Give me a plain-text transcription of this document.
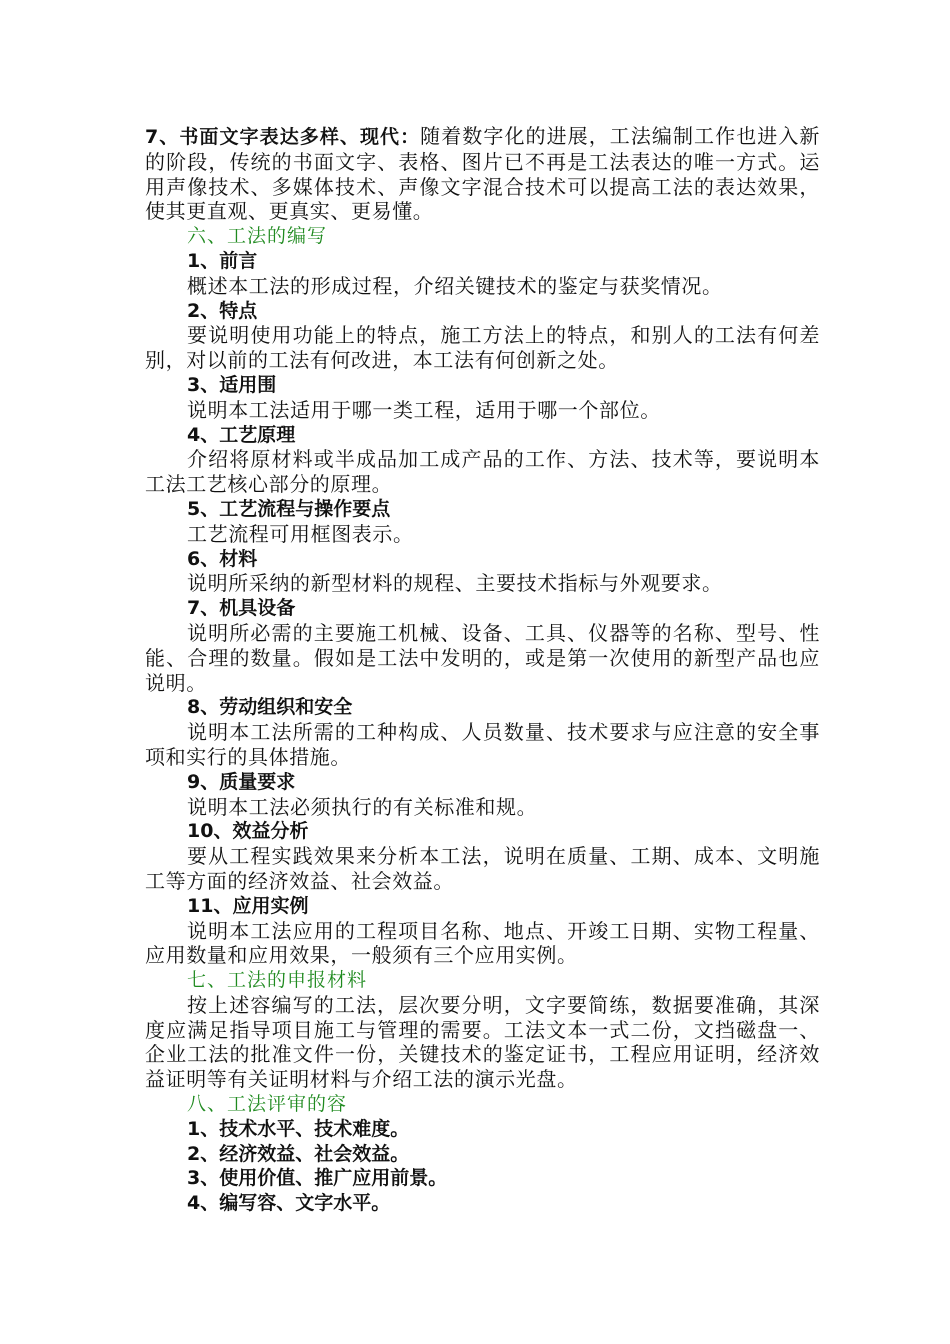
7、书面文字表达多样、现代：随着数字化的进展，工法编制工作也进入新的阶段，传统的书面文字、表格、图片已不再是工法表达的唯一方式。运用声像技术、多媒体技术、声像文字混合技术可以提高工法的表达效果，使其更直观、更真实、更易懂。

六、工法的编写

1、前言

概述本工法的形成过程，介绍关键技术的鉴定与获奖情况。

2、特点

要说明使用功能上的特点，施工方法上的特点，和别人的工法有何差别，对以前的工法有何改进，本工法有何创新之处。

3、适用围

说明本工法适用于哪一类工程，适用于哪一个部位。

4、工艺原理

介绍将原材料或半成品加工成产品的工作、方法、技术等，要说明本工法工艺核心部分的原理。

5、工艺流程与操作要点

工艺流程可用框图表示。

6、材料

说明所采纳的新型材料的规程、主要技术指标与外观要求。

7、机具设备

说明所必需的主要施工机械、设备、工具、仪器等的名称、型号、性能、合理的数量。假如是工法中发明的，或是第一次使用的新型产品也应说明。

8、劳动组织和安全

说明本工法所需的工种构成、人员数量、技术要求与应注意的安全事项和实行的具体措施。

9、质量要求

说明本工法必须执行的有关标准和规。

10、效益分析

要从工程实践效果来分析本工法，说明在质量、工期、成本、文明施工等方面的经济效益、社会效益。

11、应用实例

说明本工法应用的工程项目名称、地点、开竣工日期、实物工程量、应用数量和应用效果，一般须有三个应用实例。

七、工法的申报材料

按上述容编写的工法，层次要分明，文字要简练，数据要准确，其深度应满足指导项目施工与管理的需要。工法文本一式二份，文挡磁盘一、企业工法的批准文件一份，关键技术的鉴定证书，工程应用证明，经济效益证明等有关证明材料与介绍工法的演示光盘。

八、工法评审的容

1、技术水平、技术难度。

2、经济效益、社会效益。

3、使用价值、推广应用前景。

4、编写容、文字水平。
